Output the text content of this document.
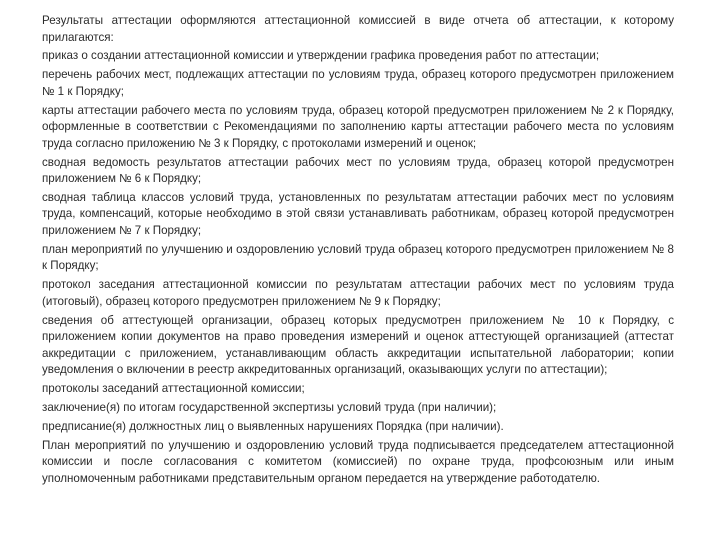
Результаты аттестации оформляются аттестационной комиссией в виде отчета об аттестации, к которому прилагаются:

приказ о создании аттестационной комиссии и утверждении графика проведения работ по аттестации;

перечень рабочих мест, подлежащих аттестации по условиям труда, образец которого предусмотрен приложением № 1 к Порядку;

карты аттестации рабочего места по условиям труда, образец которой предусмотрен приложением № 2 к Порядку, оформленные в соответствии с Рекомендациями по заполнению карты аттестации рабочего места по условиям труда согласно приложению № 3 к Порядку, с протоколами измерений и оценок;

сводная ведомость результатов аттестации рабочих мест по условиям труда, образец которой предусмотрен приложением № 6 к Порядку;

сводная таблица классов условий труда, установленных по результатам аттестации рабочих мест по условиям труда, компенсаций, которые необходимо в этой связи устанавливать работникам, образец которой предусмотрен приложением № 7 к Порядку;

план мероприятий по улучшению и оздоровлению условий труда образец которого предусмотрен приложением № 8 к Порядку;

протокол заседания аттестационной комиссии по результатам аттестации рабочих мест по условиям труда (итоговый), образец которого предусмотрен приложением № 9 к Порядку;

сведения об аттестующей организации, образец которых предусмотрен приложением № 10 к Порядку, с приложением копии документов на право проведения измерений и оценок аттестующей организацией (аттестат аккредитации с приложением, устанавливающим область аккредитации испытательной лаборатории; копии уведомления о включении в реестр аккредитованных организаций, оказывающих услуги по аттестации);

протоколы заседаний аттестационной комиссии;

заключение(я) по итогам государственной экспертизы условий труда (при наличии);

предписание(я) должностных лиц о выявленных нарушениях Порядка (при наличии).

План мероприятий по улучшению и оздоровлению условий труда подписывается председателем аттестационной комиссии и после согласования с комитетом (комиссией) по охране труда, профсоюзным или иным уполномоченным работниками представительным органом передается на утверждение работодателю.
